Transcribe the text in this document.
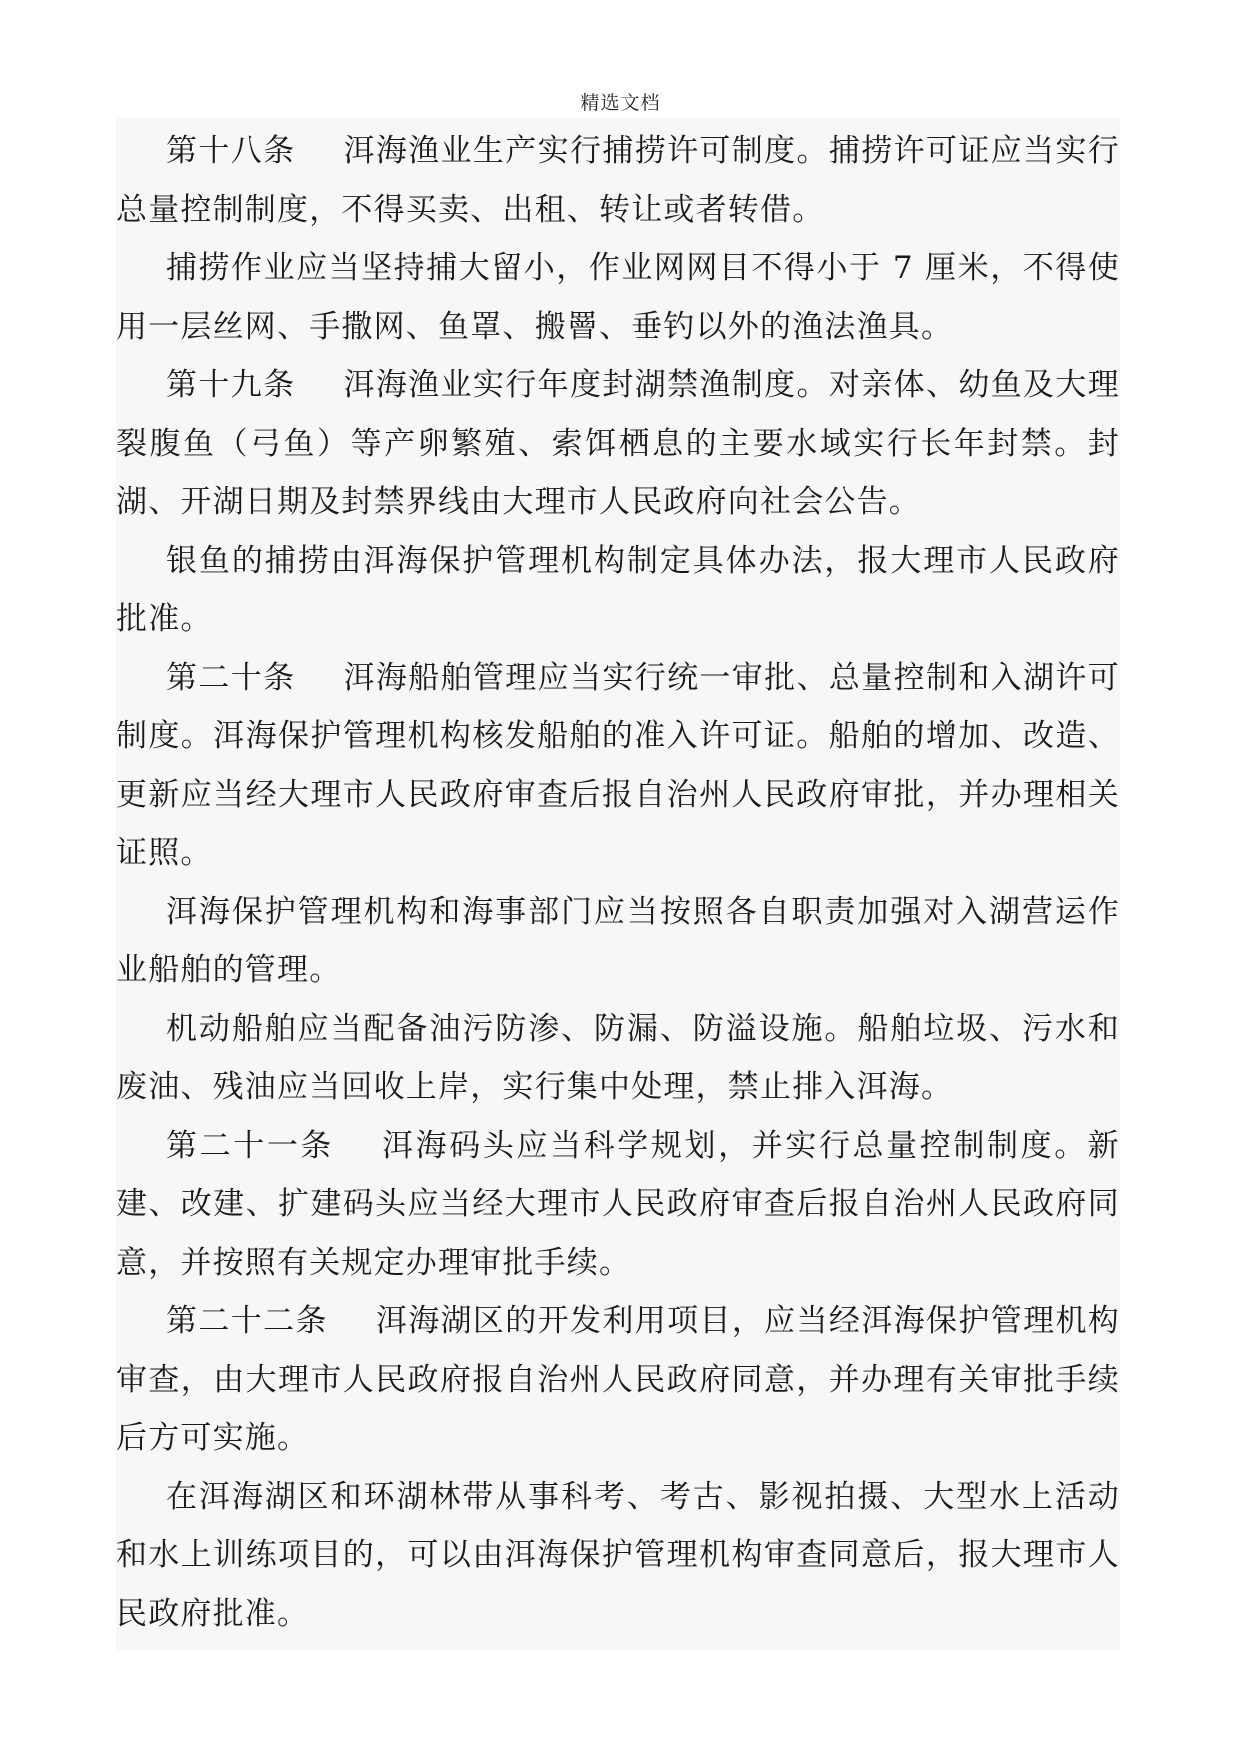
精选文档

第十八条 洱海渔业生产实行捕捞许可制度。捕捞许可证应当实行总量控制制度，不得买卖、出租、转让或者转借。

捕捞作业应当坚持捕大留小，作业网网目不得小于 7 厘米，不得使用一层丝网、手撒网、鱼罩、搬罾、垂钓以外的渔法渔具。

第十九条 洱海渔业实行年度封湖禁渔制度。对亲体、幼鱼及大理裂腹鱼（弓鱼）等产卵繁殖、索饵栖息的主要水域实行长年封禁。封湖、开湖日期及封禁界线由大理市人民政府向社会公告。

银鱼的捕捞由洱海保护管理机构制定具体办法，报大理市人民政府批准。

第二十条 洱海船舶管理应当实行统一审批、总量控制和入湖许可制度。洱海保护管理机构核发船舶的准入许可证。船舶的增加、改造、更新应当经大理市人民政府审查后报自治州人民政府审批，并办理相关证照。

洱海保护管理机构和海事部门应当按照各自职责加强对入湖营运作业船舶的管理。

机动船舶应当配备油污防渗、防漏、防溢设施。船舶垃圾、污水和废油、残油应当回收上岸，实行集中处理，禁止排入洱海。

第二十一条 洱海码头应当科学规划，并实行总量控制制度。新建、改建、扩建码头应当经大理市人民政府审查后报自治州人民政府同意，并按照有关规定办理审批手续。

第二十二条 洱海湖区的开发利用项目，应当经洱海保护管理机构审查，由大理市人民政府报自治州人民政府同意，并办理有关审批手续后方可实施。

在洱海湖区和环湖林带从事科考、考古、影视拍摄、大型水上活动和水上训练项目的，可以由洱海保护管理机构审查同意后，报大理市人民政府批准。
